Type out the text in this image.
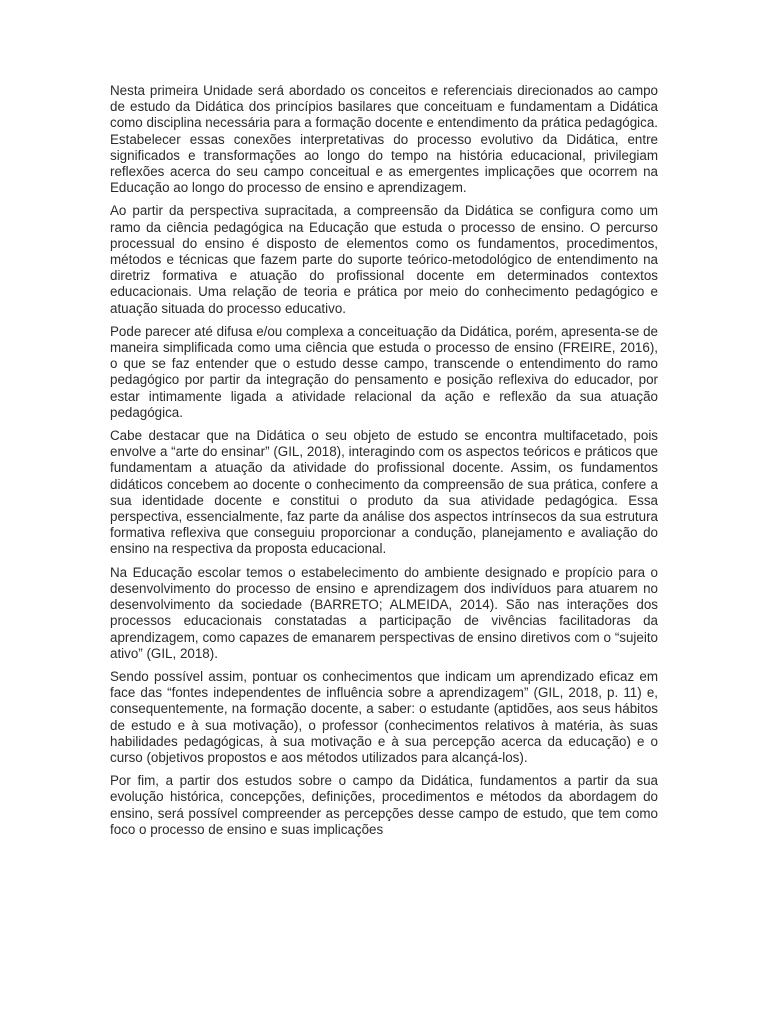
Nesta primeira Unidade será abordado os conceitos e referenciais direcionados ao campo de estudo da Didática dos princípios basilares que conceituam e fundamentam a Didática como disciplina necessária para a formação docente e entendimento da prática pedagógica. Estabelecer essas conexões interpretativas do processo evolutivo da Didática, entre significados e transformações ao longo do tempo na história educacional, privilegiam reflexões acerca do seu campo conceitual e as emergentes implicações que ocorrem na Educação ao longo do processo de ensino e aprendizagem.

Ao partir da perspectiva supracitada, a compreensão da Didática se configura como um ramo da ciência pedagógica na Educação que estuda o processo de ensino. O percurso processual do ensino é disposto de elementos como os fundamentos, procedimentos, métodos e técnicas que fazem parte do suporte teórico-metodológico de entendimento na diretriz formativa e atuação do profissional docente em determinados contextos educacionais. Uma relação de teoria e prática por meio do conhecimento pedagógico e atuação situada do processo educativo.

Pode parecer até difusa e/ou complexa a conceituação da Didática, porém, apresenta-se de maneira simplificada como uma ciência que estuda o processo de ensino (FREIRE, 2016), o que se faz entender que o estudo desse campo, transcende o entendimento do ramo pedagógico por partir da integração do pensamento e posição reflexiva do educador, por estar intimamente ligada a atividade relacional da ação e reflexão da sua atuação pedagógica.

Cabe destacar que na Didática o seu objeto de estudo se encontra multifacetado, pois envolve a “arte do ensinar” (GIL, 2018), interagindo com os aspectos teóricos e práticos que fundamentam a atuação da atividade do profissional docente. Assim, os fundamentos didáticos concebem ao docente o conhecimento da compreensão de sua prática, confere a sua identidade docente e constitui o produto da sua atividade pedagógica. Essa perspectiva, essencialmente, faz parte da análise dos aspectos intrínsecos da sua estrutura formativa reflexiva que conseguiu proporcionar a condução, planejamento e avaliação do ensino na respectiva da proposta educacional.

Na Educação escolar temos o estabelecimento do ambiente designado e propício para o desenvolvimento do processo de ensino e aprendizagem dos indivíduos para atuarem no desenvolvimento da sociedade (BARRETO; ALMEIDA, 2014). São nas interações dos processos educacionais constatadas a participação de vivências facilitadoras da aprendizagem, como capazes de emanarem perspectivas de ensino diretivos com o “sujeito ativo” (GIL, 2018).

Sendo possível assim, pontuar os conhecimentos que indicam um aprendizado eficaz em face das “fontes independentes de influência sobre a aprendizagem” (GIL, 2018, p. 11) e, consequentemente, na formação docente, a saber: o estudante (aptidões, aos seus hábitos de estudo e à sua motivação), o professor (conhecimentos relativos à matéria, às suas habilidades pedagógicas, à sua motivação e à sua percepção acerca da educação) e o curso (objetivos propostos e aos métodos utilizados para alcançá-los).

Por fim, a partir dos estudos sobre o campo da Didática, fundamentos a partir da sua evolução histórica, concepções, definições, procedimentos e métodos da abordagem do ensino, será possível compreender as percepções desse campo de estudo, que tem como foco o processo de ensino e suas implicações
